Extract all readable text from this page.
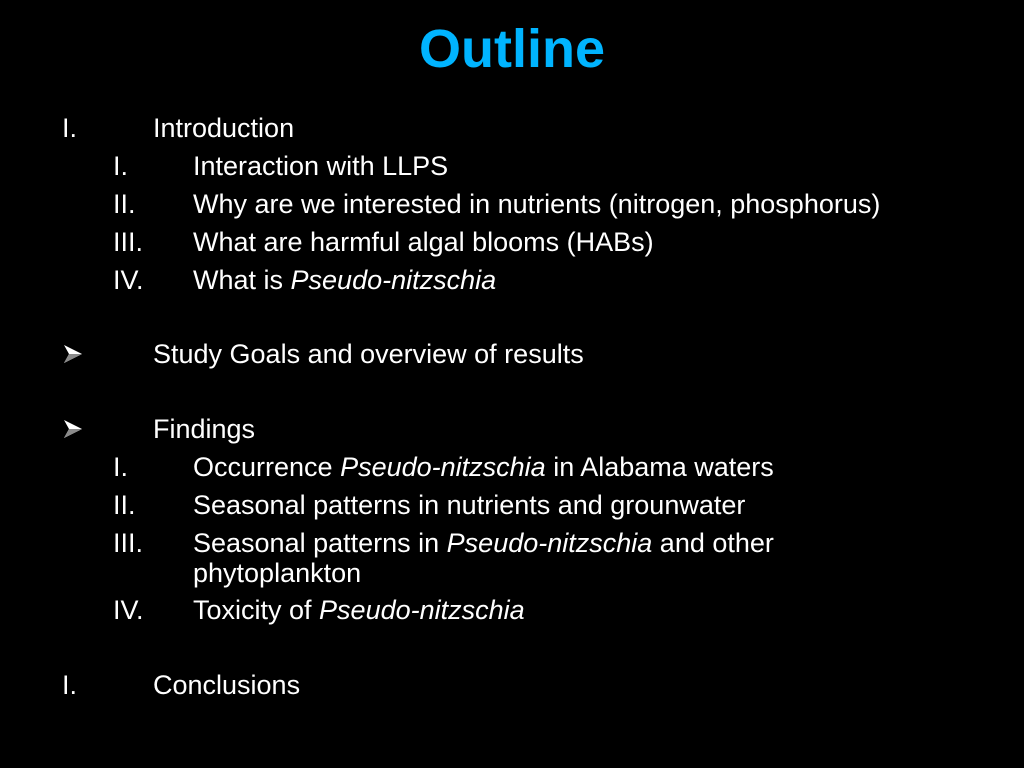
Outline
I.	Introduction
I. Interaction with LLPS
II. Why are we interested in nutrients (nitrogen, phosphorus)
III. What are harmful algal blooms (HABs)
IV. What is Pseudo-nitzschia
Study Goals and overview of results
Findings
I. Occurrence Pseudo-nitzschia in Alabama waters
II. Seasonal patterns in nutrients and grounwater
III. Seasonal patterns in Pseudo-nitzschia and other
phytoplankton
IV. Toxicity of Pseudo-nitzschia
I.	Conclusions
